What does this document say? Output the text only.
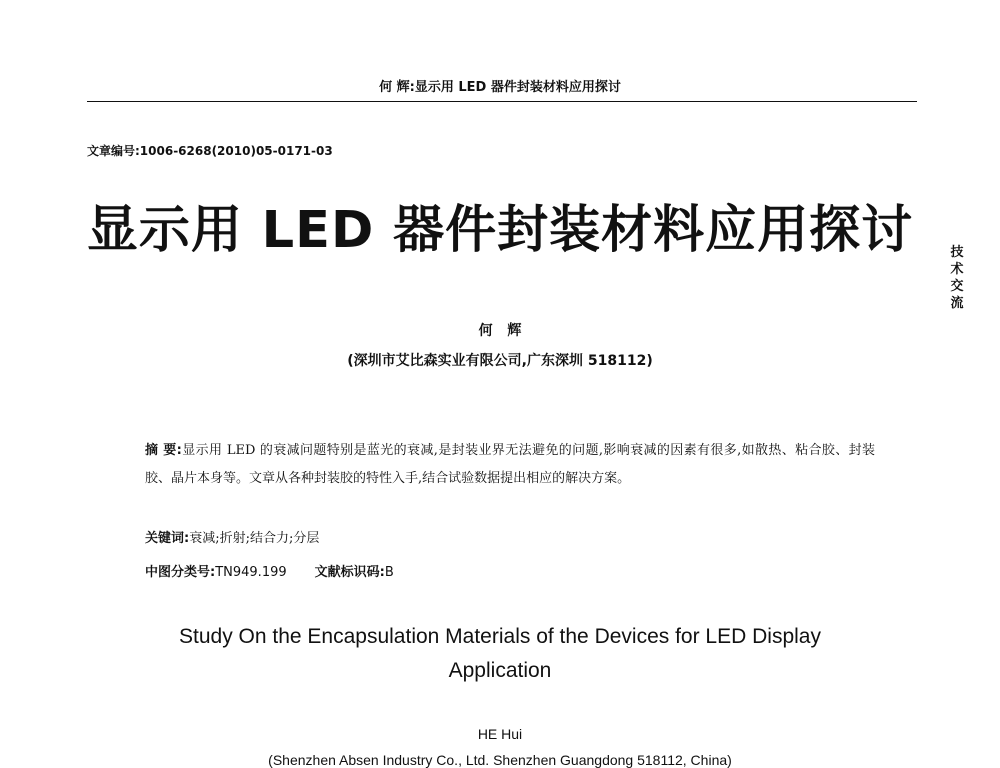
何 辉:显示用 LED 器件封装材料应用探讨
文章编号:1006-6268(2010)05-0171-03
显示用 LED 器件封装材料应用探讨	技
术
交
流
何 辉
(深圳市艾比森实业有限公司,广东深圳 518112)
摘 要:显示用 LED 的衰减问题特别是蓝光的衰减,是封装业界无法避免的问题,影响衰减的因素有很多,如散热、粘合胶、封装胶、晶片本身等。文章从各种封装胶的特性入手,结合试验数据提出相应的解决方案。
关键词:衰减;折射;结合力;分层
中图分类号:TN949.199 文献标识码:B
Study On the Encapsulation Materials of the Devices for LED Display Application
HE Hui
(Shenzhen Absen Industry Co., Ltd. Shenzhen Guangdong 518112, China)
